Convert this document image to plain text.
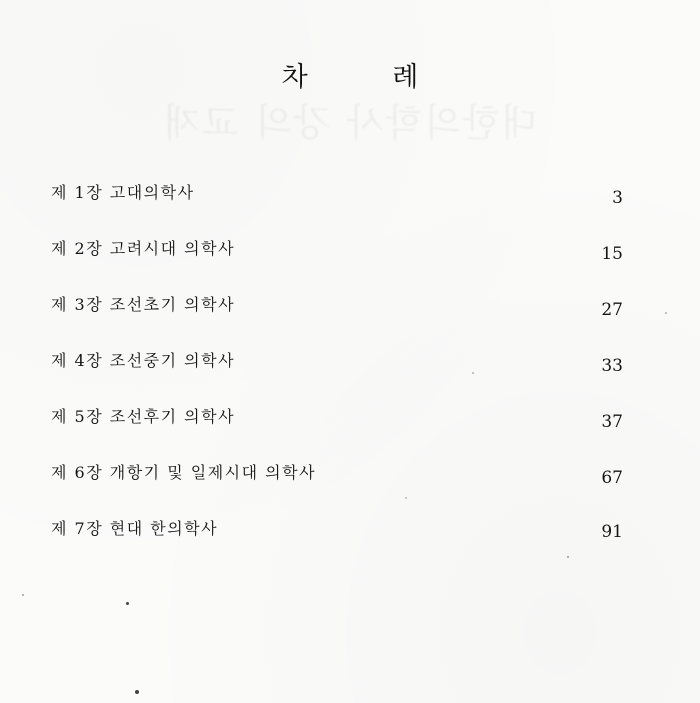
차 례
대한의학사 강의 교재
제 1장 고대의학사	3
제 2장 고려시대 의학사	15
제 3장 조선초기 의학사	27
제 4장 조선중기 의학사	33
제 5장 조선후기 의학사	37
제 6장 개항기 및 일제시대 의학사	67
제 7장 현대 한의학사	91
